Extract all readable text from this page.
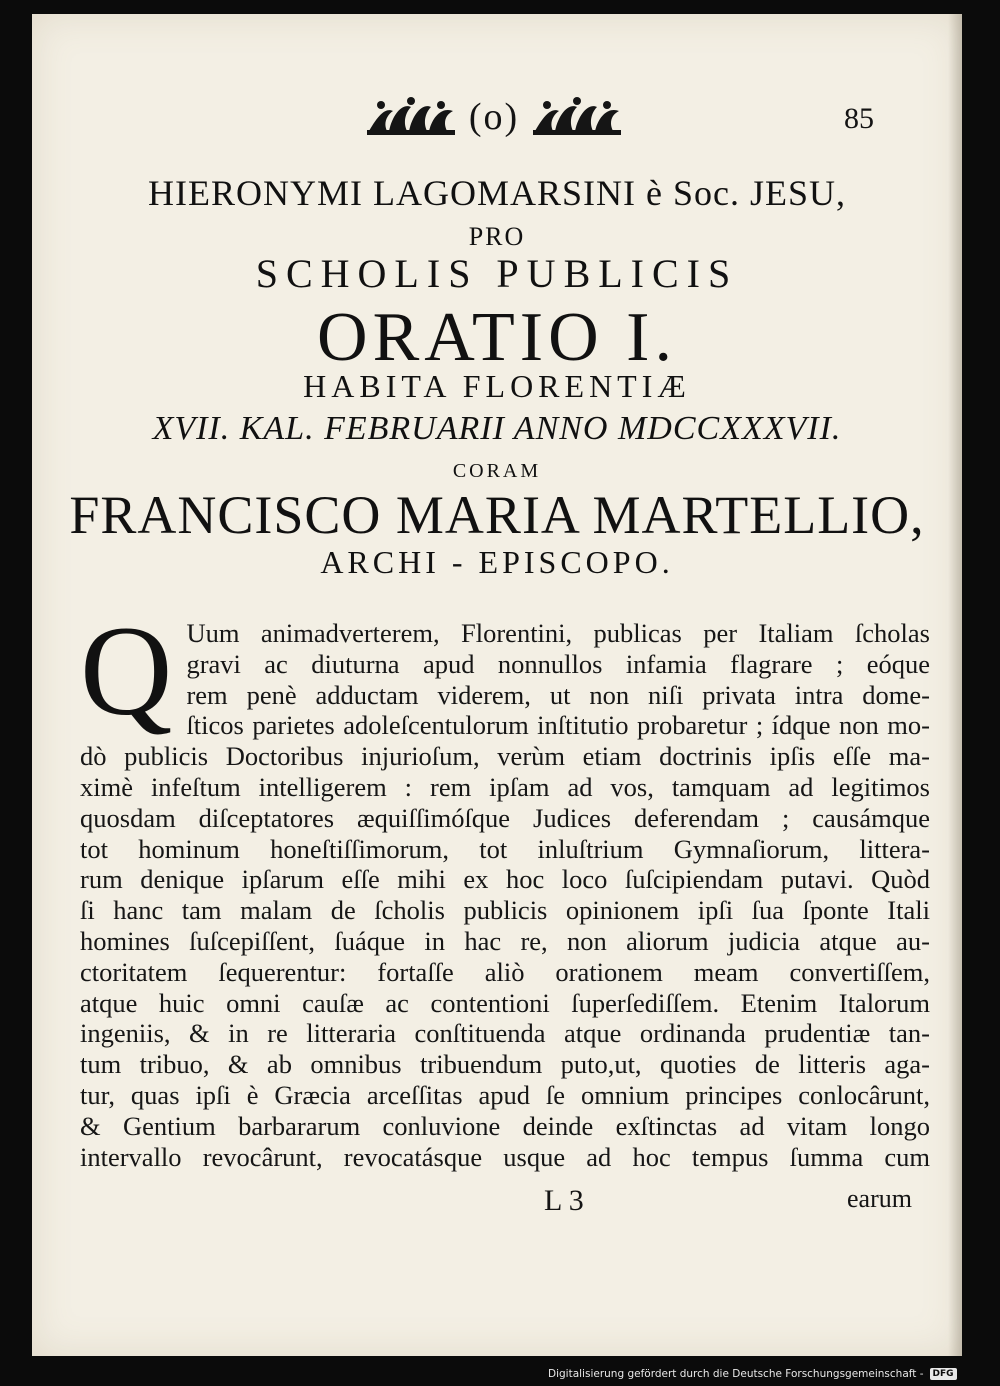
(o)	85
HIERONYMI LAGOMARSINI è Soc. JESU,
PRO
SCHOLIS PUBLICIS
ORATIO I.
HABITA FLORENTIÆ
XVII. KAL. FEBRUARII ANNO MDCCXXXVII.
CORAM
FRANCISCO MARIA MARTELLIO,
ARCHI - EPISCOPO.
Q Uum animadverterem, Florentini, publicas per Italiam ſcholas
gravi ac diuturna apud nonnullos infamia flagrare ; eóque
rem penè adductam viderem, ut non niſi privata intra dome-
ſticos parietes adoleſcentulorum inſtitutio probaretur ; ídque non mo-
dò publicis Doctoribus injurioſum, verùm etiam doctrinis ipſis eſſe ma-
ximè infeſtum intelligerem : rem ipſam ad vos, tamquam ad legitimos
quosdam diſceptatores æquiſſimóſque Judices deferendam ; causámque
tot hominum honeſtiſſimorum, tot inluſtrium Gymnaſiorum, littera-
rum denique ipſarum eſſe mihi ex hoc loco ſuſcipiendam putavi. Quòd
ſi hanc tam malam de ſcholis publicis opinionem ipſi ſua ſponte Itali
homines ſuſcepiſſent, ſuáque in hac re, non aliorum judicia atque au-
ctoritatem ſequerentur: fortaſſe aliò orationem meam convertiſſem,
atque huic omni cauſæ ac contentioni ſuperſediſſem. Etenim Italorum
ingeniis, & in re litteraria conſtituenda atque ordinanda prudentiæ tan-
tum tribuo, & ab omnibus tribuendum puto,ut, quoties de litteris aga-
tur, quas ipſi è Græcia arceſſitas apud ſe omnium principes conlocârunt,
& Gentium barbararum conluvione deinde exſtinctas ad vitam longo
intervallo revocârunt, revocatásque usque ad hoc tempus ſumma cum
L 3	earum
Digitalisierung gefördert durch die Deutsche Forschungsgemeinschaft -	DFG
